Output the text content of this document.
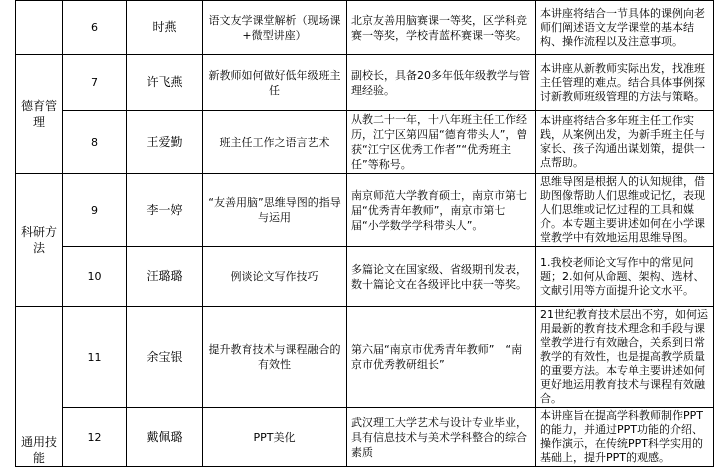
	6	时燕	语文友学课堂解析（现场课+微型讲座）	北京友善用脑赛课一等奖，区学科竞赛一等奖，学校青蓝杯赛课一等奖。	本讲座将结合一节具体的课例向老师们阐述语文友学课堂的基本结构、操作流程以及注意事项。
德育管理	7	许飞燕	新教师如何做好低年级班主任	副校长，具备20多年低年级教学与管理经验。	本讲座从新教师实际出发，找准班主任管理的难点。结合具体事例探讨新教师班级管理的方法与策略。
	8	王爱勤	班主任工作之语言艺术	从教二十一年，十八年班主任工作经历，江宁区第四届“德育带头人”，曾获“江宁区优秀工作者”“优秀班主任”等称号。	本讲座将结合多年班主任工作实践，从案例出发，为新手班主任与家长、孩子沟通出谋划策，提供一点帮助。
科研方法	9	李一婷	“友善用脑”思维导图的指导与运用	南京师范大学教育硕士，南京市第七届“优秀青年教师”，南京市第七届“小学数学学科带头人”。	思维导图是根据人的认知规律，借助图像帮助人们思维或记忆，表现人们思维或记忆过程的工具和媒介。本专题主要讲述如何在小学课堂教学中有效地运用思维导图。
	10	汪璐璐	例谈论文写作技巧	多篇论文在国家级、省级期刊发表，数十篇论文在各级评比中获一等奖。	1.我校老师论文写作中的常见问题；2.如何从命题、架构、选材、文献引用等方面提升论文水平。
通用技能	11	余宝银	提升教育技术与课程融合的有效性	第六届“南京市优秀青年教师”　“南京市优秀教研组长”	21世纪教育技术层出不穷，如何运用最新的教育技术理念和手段与课堂教学进行有效融合，关系到日常教学的有效性，也是提高教学质量的重要方法。本专单主要讲述如何更好地运用教育技术与课程有效融合。
	12	戴佩璐	PPT美化	武汉理工大学艺术与设计专业毕业，具有信息技术与美术学科整合的综合素质	本讲座旨在提高学科教师制作PPT的能力，并通过PPT功能的介绍、操作演示，在传统PPT科学实用的基础上，提升PPT的观感。
